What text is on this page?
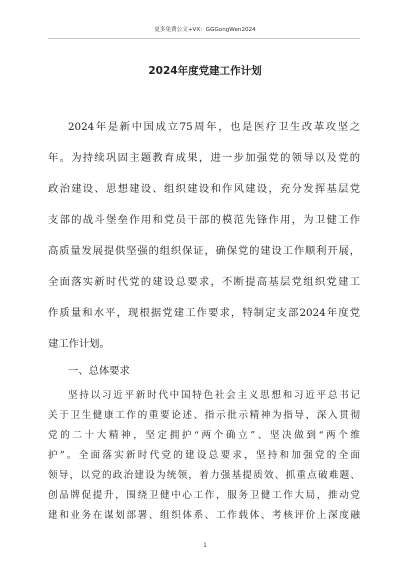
更多免费公文+VX：GGGongWen2024
2024年度党建工作计划
2024年是新中国成立75周年，也是医疗卫生改革攻坚之
年。为持续巩固主题教育成果，进一步加强党的领导以及党的
政治建设、思想建设、组织建设和作风建设，充分发挥基层党
支部的战斗堡垒作用和党员干部的模范先锋作用，为卫健工作
高质量发展提供坚强的组织保证，确保党的建设工作顺利开展，
全面落实新时代党的建设总要求，不断提高基层党组织党建工
作质量和水平，现根据党建工作要求，特制定支部2024年度党
建工作计划。
一、总体要求
坚持以习近平新时代中国特色社会主义思想和习近平总书记
关于卫生健康工作的重要论述、指示批示精神为指导，深入贯彻
党的二十大精神，坚定拥护“两个确立”、坚决做到“两个维
护”。全面落实新时代党的建设总要求，坚持和加强党的全面
领导，以党的政治建设为统领，着力强基提质效、抓重点破难题、
创品牌促提升，围绕卫健中心工作，服务卫健工作大局，推动党
建和业务在谋划部署、组织体系、工作载体、考核评价上深度融
1
